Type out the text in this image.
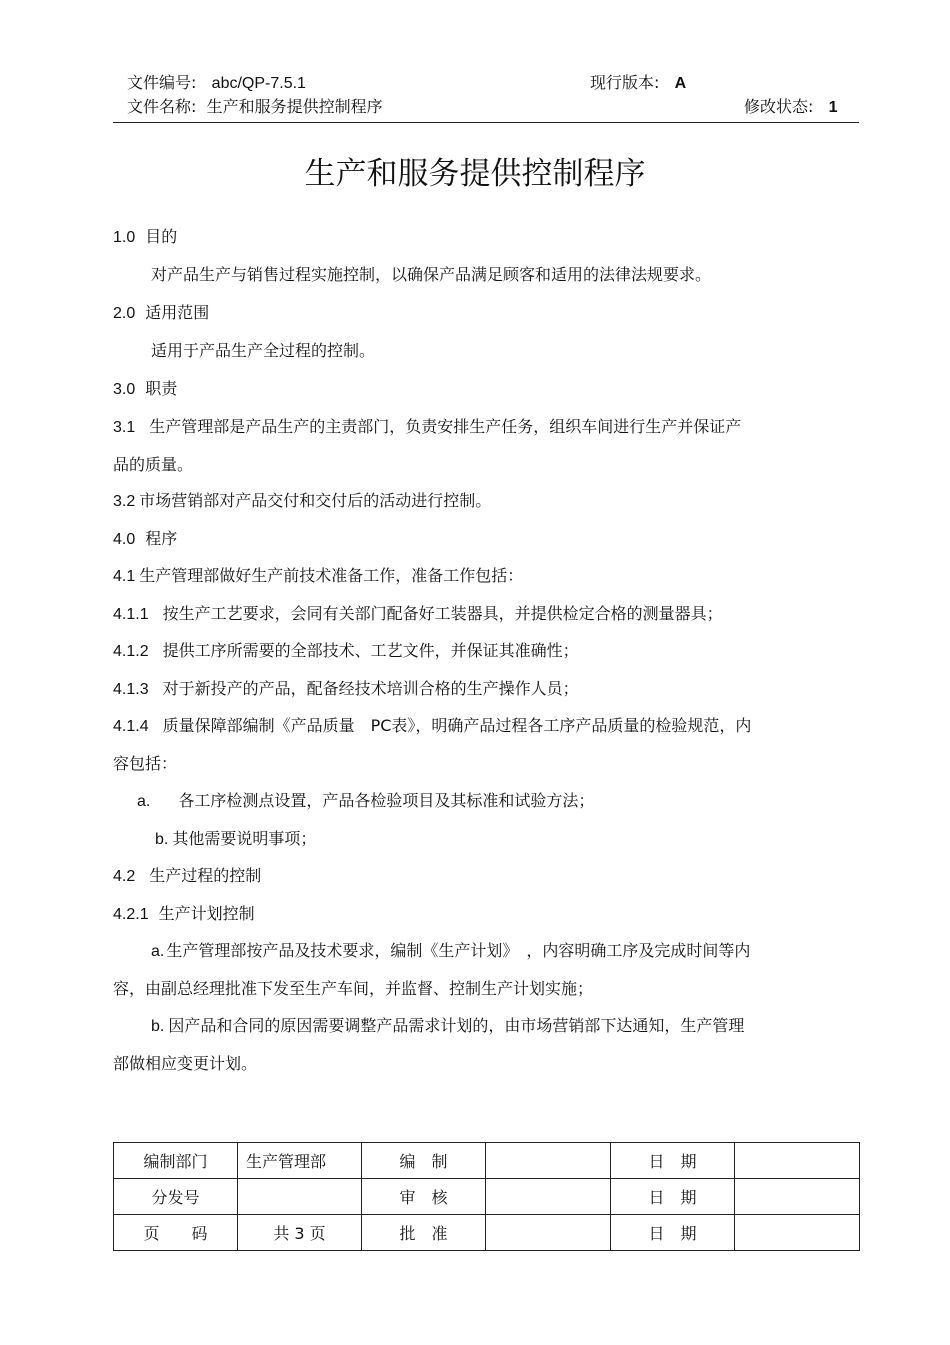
文件编号: abc/QP-7.5.1	现行版本: A
文件名称: 生产和服务提供控制程序	修改状态: 1
生产和服务提供控制程序
1.0 目的
对产品生产与销售过程实施控制，以确保产品满足顾客和适用的法律法规要求。
2.0 适用范围
适用于产品生产全过程的控制。
3.0 职责
3.1 生产管理部是产品生产的主责部门，负责安排生产任务，组织车间进行生产并保证产
品的质量。
3.2 市场营销部对产品交付和交付后的活动进行控制。
4.0 程序
4.1 生产管理部做好生产前技术准备工作，准备工作包括：
4.1.1 按生产工艺要求，会同有关部门配备好工装器具，并提供检定合格的测量器具；
4.1.2 提供工序所需要的全部技术、工艺文件，并保证其准确性；
4.1.3 对于新投产的产品，配备经技术培训合格的生产操作人员；
4.1.4 质量保障部编制《产品质量　PC表》，明确产品过程各工序产品质量的检验规范，内
容包括：
a. 各工序检测点设置，产品各检验项目及其标准和试验方法；
b. 其他需要说明事项；
4.2 生产过程的控制
4.2.1 生产计划控制
a. 生产管理部按产品及技术要求，编制《生产计划》　，内容明确工序及完成时间等内
容，由副总经理批准下发至生产车间，并监督、控制生产计划实施；
b. 因产品和合同的原因需要调整产品需求计划的，由市场营销部下达通知，生产管理
部做相应变更计划。
编制部门	生产管理部	编　制		日　期	
分发号		审　核		日　期	
页　　码	共 3 页	批　准		日　期	
